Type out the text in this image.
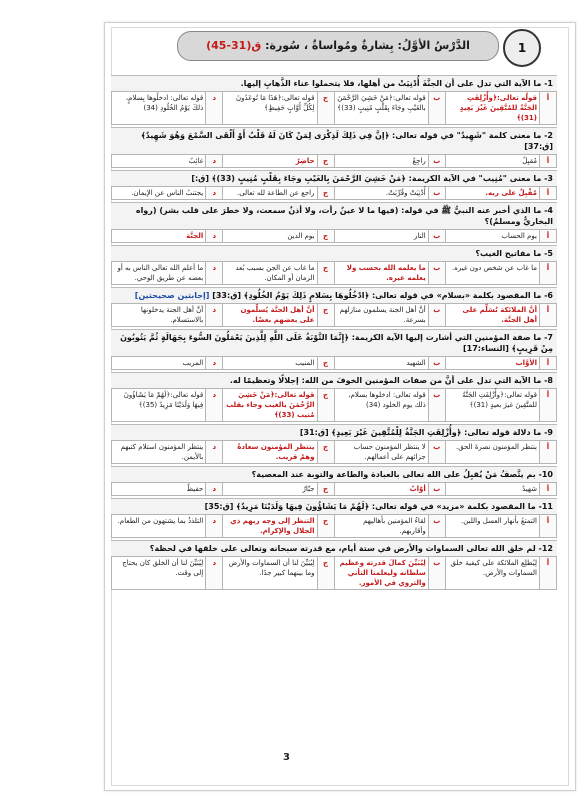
1
الدَّرْسُ الأوَّلُ: بِشارةٌ ومُواساةٌ ، سُورة: ق(31-45)
1- ما الآية التي تدل على أن الجنَّةَ أُدْنِيَتْ من أهلها، فلا يتحملوا عناء الذَّهابِ إليها.
أ	قولُه تعالى:﴿وأُزْلِفَتِ الجَنَّةُ للمُتَّقِينَ غَيْرَ بَعِيدٍ (31)﴾	ب	قوله تعالى:﴿مَنْ خَشِيَ الرَّحْمَنَ بالغَيْبِ وجَاءَ بِقَلْبٍ مُنِيبٍ (33)﴾	ج	قوله تعالى:﴿هَذَا مَا تُوعَدُونَ لِكُلِّ أَوَّابٍ حَفِيظٍ﴾	د	قوله تعالى: ادخلُوها بِسلامٍ، ذلكَ يَوْمُ الخُلُودِ (34)
2- ما معنى كلمة "شَهِيدٌ" في قوله تعالى: ﴿إنَّ فِي ذَلِكَ لَذِكْرَى لِمَنْ كَانَ لَهُ قَلْبٌ أَوْ أَلْقَى السَّمْعَ وَهُوَ شَهِيدٌ﴾ [ق:37]
أ	مُقبِلٌ	ب	راجِعٌ	ج	حاضِرٌ	د	غائِبٌ
3- ما معنى "مُنِيب" في الآية الكريمة: ﴿مَنْ خَشِيَ الرَّحْمَنَ بِالغَيْبِ وجَاءَ بِقَلْبٍ مُنِيبٍ (33)﴾ [ق:]
أ	مُقْبِلٌ على ربه.	ب	أُدْنِيَتْ وقُرِّبَتْ.	ج	راجع عن الطاعة لله تعالى.	د	يجتنبُ الناس عن الإيمان.
4- ما الذي أخبر عنه النبيُّ ﷺ في قوله: (فيها ما لا عينٌ رأت، ولا أذنٌ سمعت، ولا خطرَ على قلب بشر) (رواه البخاريُّ ومسلمٌ)؟
أ	يوم الحساب	ب	النار	ج	يوم الدين	د	الجنَّة
5- ما مفاتيح الغيب؟
أ	ما غاب عن شخص دون غيره.	ب	ما يعلمه الله بحسب ولا يعلمه غيره.	ج	ما غاب عن الجن بسبب بُعد الزمان أو المكان.	د	ما أعلم الله تعالى الناس به أو بعضه عن طريق الوحي.
6- ما المقصود بكلمة «بسلام» في قوله تعالى: ﴿ادْخُلُوهَا بِسَلامٍ ذَلِكَ يَوْمُ الخُلُودِ﴾ [ق:33] [إجابتين صحيحتين]
أ	أنَّ الملائكة تُسَلِّم على أهل الجنَّة.	ب	أنَّ أهل الجنة يسلمون منازلهم بسرعة.	ج	أنَّ أهل الجنَّة يُسلِّمون على بعضهم بعضًا.	د	أنَّ أهل الجنة يدخلونها بالاستسلام.
7- ما صفة المؤمنين التي أشارت إليها الآية الكريمة: ﴿إِنَّمَا التَّوْبَةُ عَلَى اللَّهِ لِلَّذِينَ يَعْمَلُونَ السُّوءَ بِجَهَالَةٍ ثُمَّ يَتُوبُونَ مِنْ قَرِيبٍ﴾ [النساء:17]
أ	الأوَّاب	ب	الشهيد	ج	المنيب	د	المريب
8- ما الآية التي تدل على أنَّ من صفات المؤمنين الخوفَ من الله: إجلالًا وتعظيمًا له.
أ	قوله تعالى:﴿وأُزْلِفَتِ الجَنَّةُ للمتَّقِينَ غيرَ بعيدٍ (31)﴾	ب	قوله تعالى: ادخلوها بسلام، ذلك يوم الخلود (34)	ج	قوله تعالى:﴿مَنْ خَشِيَ الرَّحْمَنَ بالغيب وجاء بقلب مُنيب (33)﴾	د	قوله تعالى:﴿لَهُمْ مَا يَشَاؤُونَ فِيهَا وَلَدَيْنَا مَزِيدٌ (35)﴾
9- ما دلالة قوله تعالى: ﴿وأُزْلِفَتِ الجَنَّةُ لِلْمُتَّقِينَ غَيْرَ بَعِيدٍ﴾ [ق:31]
أ	ينتظر المؤمنون نصرةَ الحق.	ب	لا ينتظر المؤمنون حساب جزائهم على أعمالهم.	ج	ينتظر المؤمنون سعادةً وهمٌ قريب.	د	ينتظر المؤمنون استلام كتبهم بالأيمن.
10- بم يتَّصفُ مَنْ يُقبِلُ على الله تعالى بالعبادة والطاعة والتوبة عند المعصية؟
أ	شهيدٌ	ب	أوّابٌ	ج	جبّارٌ	د	حفيظٌ
11- ما المقصود بكلمة «مزيد» في قوله تعالى: ﴿لَهُمْ مَا يَشَاؤُونَ فِيهَا وَلَدَيْنَا مَزِيدٌ﴾ [ق:35]
أ	التمتعُ بأنهار العسل واللبن.	ب	لقاءُ المؤمنين بأهاليهم وأقاربهم.	ج	التنظر إلى وجه ربهم ذي الجلال والإكرام.	د	التلذذُ بما يشتهون من الطعام.
12- لم خلق الله تعالى السماوات والأرض في ستة أيام، مع قدرته سبحانه وتعالى على خلقها في لحظة؟
أ	لِيُطلِع الملائكة على كيفية خلق السماوات والأرض.	ب	لِيُبَيِّنَ كمالَ قدرته وعظيم سلطانه وليعلمنا التأني والتروي في الأمور.	ج	لِيُبَيِّنَ لنا أن السماوات والأرض وما بينهما كبير جدًا.	د	لِيُبَيِّنَ لنا أن الخلق كان يحتاج إلى وقت.
3
